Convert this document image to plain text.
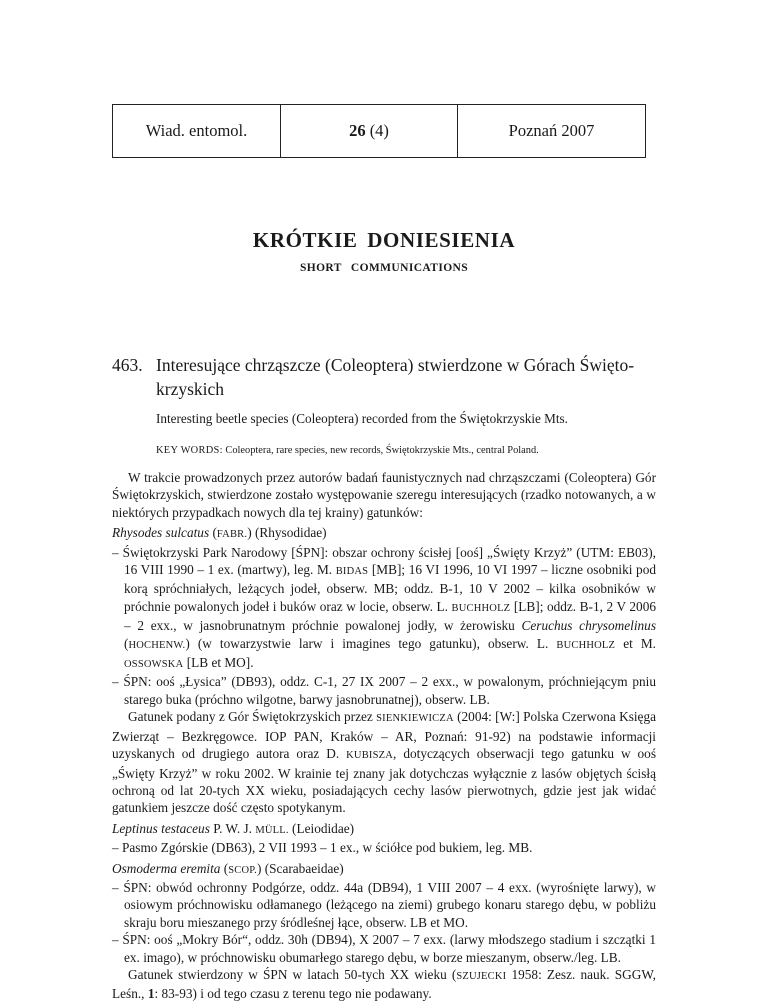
Wiad. entomol.	26 (4)	Poznań 2007
KRÓTKIE DONIESIENIA
SHORT COMMUNICATIONS
463. Interesujące chrząszcze (Coleoptera) stwierdzone w Górach Świętokrzyskich
Interesting beetle species (Coleoptera) recorded from the Świętokrzyskie Mts.
KEY WORDS: Coleoptera, rare species, new records, Świętokrzyskie Mts., central Poland.

W trakcie prowadzonych przez autorów badań faunistycznych nad chrząszczami (Coleoptera) Gór Świętokrzyskich, stwierdzone zostało występowanie szeregu interesujących (rzadko notowanych, a w niektórych przypadkach nowych dla tej krainy) gatunków:

Rhysodes sulcatus (FABR.) (Rhysodidae)

– Świętokrzyski Park Narodowy [ŚPN]: obszar ochrony ścisłej [ooś] „Święty Krzyż” (UTM: EB03), 16 VIII 1990 – 1 ex. (martwy), leg. M. BIDAS [MB]; 16 VI 1996, 10 VI 1997 – liczne osobniki pod korą spróchniałych, leżących jodeł, obserw. MB; oddz. B-1, 10 V 2002 – kilka osobników w próchnie powalonych jodeł i buków oraz w locie, obserw. L. BUCHHOLZ [LB]; oddz. B-1, 2 V 2006 – 2 exx., w jasnobrunatnym próchnie powalonej jodły, w żerowisku Ceruchus chrysomelinus (HOCHENW.) (w towarzystwie larw i imagines tego gatunku), obserw. L. BUCHHOLZ et M. OSSOWSKA [LB et MO].

– ŚPN: ooś „Łysica” (DB93), oddz. C-1, 27 IX 2007 – 2 exx., w powalonym, próchniejącym pniu starego buka (próchno wilgotne, barwy jasnobrunatnej), obserw. LB.

Gatunek podany z Gór Świętokrzyskich przez SIENKIEWICZA (2004: [W:] Polska Czerwona Księga Zwierząt – Bezkręgowce. IOP PAN, Kraków – AR, Poznań: 91-92) na podstawie informacji uzyskanych od drugiego autora oraz D. KUBISZA, dotyczących obserwacji tego gatunku w ooś „Święty Krzyż” w roku 2002. W krainie tej znany jak dotychczas wyłącznie z lasów objętych ścisłą ochroną od lat 20-tych XX wieku, posiadających cechy lasów pierwotnych, gdzie jest jak widać gatunkiem jeszcze dość często spotykanym.

Leptinus testaceus P. W. J. MÜLL. (Leiodidae)

– Pasmo Zgórskie (DB63), 2 VII 1993 – 1 ex., w ściółce pod bukiem, leg. MB.

Osmoderma eremita (SCOP.) (Scarabaeidae)

– ŚPN: obwód ochronny Podgórze, oddz. 44a (DB94), 1 VIII 2007 – 4 exx. (wyrośnięte larwy), w osiowym próchnowisku odłamanego (leżącego na ziemi) grubego konaru starego dębu, w pobliżu skraju boru mieszanego przy śródleśnej łące, obserw. LB et MO.

– ŚPN: ooś „Mokry Bór“, oddz. 30h (DB94), X 2007 – 7 exx. (larwy młodszego stadium i szczątki 1 ex. imago), w próchnowisku obumarłego starego dębu, w borze mieszanym, obserw./leg. LB.

Gatunek stwierdzony w ŚPN w latach 50-tych XX wieku (SZUJECKI 1958: Zesz. nauk. SGGW, Leśn., 1: 83-93) i od tego czasu z terenu tego nie podawany.
